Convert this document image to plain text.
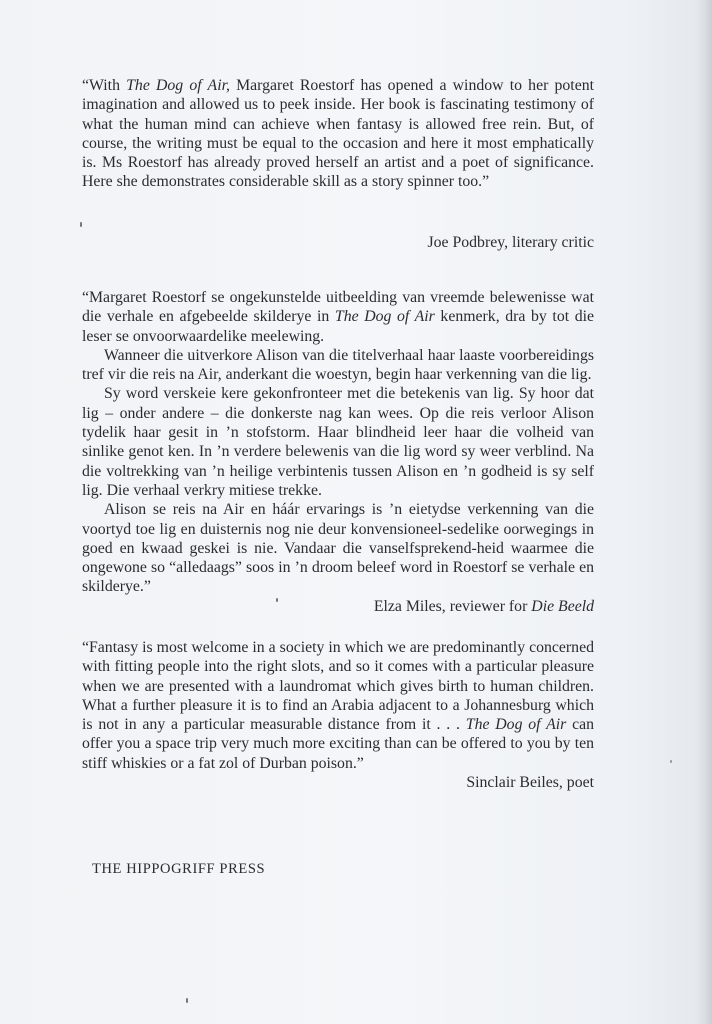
“With The Dog of Air, Margaret Roestorf has opened a window to her potent imagination and allowed us to peek inside. Her book is fascinating testimony of what the human mind can achieve when fantasy is allowed free rein. But, of course, the writing must be equal to the occasion and here it most emphatically is. Ms Roestorf has already proved herself an artist and a poet of significance. Here she demonstrates considerable skill as a story spinner too.”

Joe Podbrey, literary critic

“Margaret Roestorf se ongekunstelde uitbeelding van vreemde belewenisse wat die verhale en afgebeelde skilderye in The Dog of Air kenmerk, dra by tot die leser se onvoorwaardelike meelewing.

Wanneer die uitverkore Alison van die titelverhaal haar laaste voorbereidings tref vir die reis na Air, anderkant die woestyn, begin haar verkenning van die lig.

Sy word verskeie kere gekonfronteer met die betekenis van lig. Sy hoor dat lig – onder andere – die donkerste nag kan wees. Op die reis verloor Alison tydelik haar gesit in ’n stofstorm. Haar blindheid leer haar die volheid van sinlike genot ken. In ’n verdere belewenis van die lig word sy weer verblind. Na die voltrekking van ’n heilige verbintenis tussen Alison en ’n godheid is sy self lig. Die verhaal verkry mitiese trekke.

Alison se reis na Air en háár ervarings is ’n eietydse verkenning van die voortyd toe lig en duisternis nog nie deur konvensioneel-sedelike oorwegings in goed en kwaad geskei is nie. Vandaar die vanselfsprekend-heid waarmee die ongewone so “alledaags” soos in ’n droom beleef word in Roestorf se verhale en skilderye.”

Elza Miles, reviewer for Die Beeld

“Fantasy is most welcome in a society in which we are predominantly concerned with fitting people into the right slots, and so it comes with a particular pleasure when we are presented with a laundromat which gives birth to human children. What a further pleasure it is to find an Arabia adjacent to a Johannesburg which is not in any a particular measurable distance from it . . . The Dog of Air can offer you a space trip very much more exciting than can be offered to you by ten stiff whiskies or a fat zol of Durban poison.”

Sinclair Beiles, poet
THE HIPPOGRIFF PRESS
